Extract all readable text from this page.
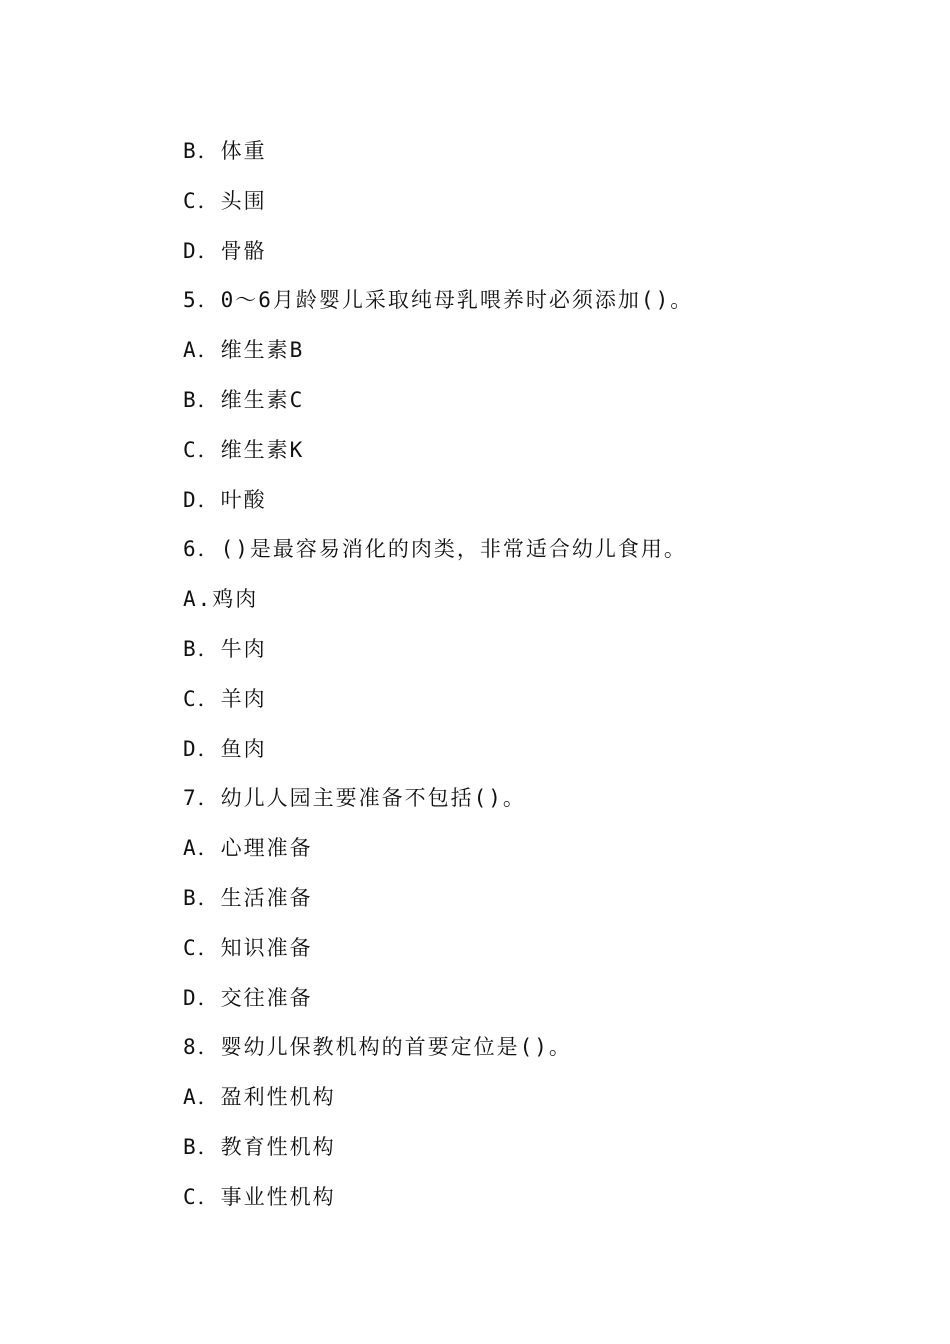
B．体重
C．头围
D．骨骼
5．0～6月龄婴儿采取纯母乳喂养时必须添加()。
A．维生素B
B．维生素C
C．维生素K
D．叶酸
6．()是最容易消化的肉类，非常适合幼儿食用。
A.鸡肉
B．牛肉
C．羊肉
D．鱼肉
7．幼儿人园主要准备不包括()。
A．心理准备
B．生活准备
C．知识准备
D．交往准备
8．婴幼儿保教机构的首要定位是()。
A．盈利性机构
B．教育性机构
C．事业性机构
